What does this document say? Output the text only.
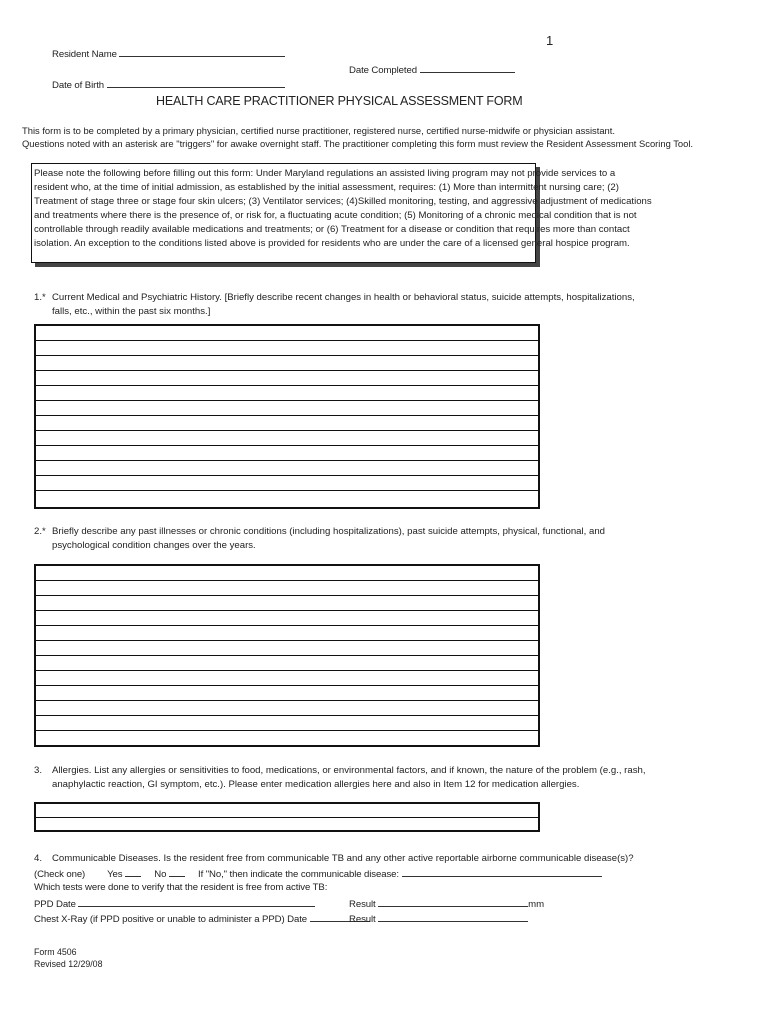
1
Resident Name
Date Completed
Date of Birth
HEALTH CARE PRACTITIONER PHYSICAL ASSESSMENT FORM
This form is to be completed by a primary physician, certified nurse practitioner, registered nurse, certified nurse-midwife or physician assistant.
Questions noted with an asterisk are "triggers" for awake overnight staff. The practitioner completing this form must review the Resident Assessment Scoring Tool.
Please note the following before filling out this form: Under Maryland regulations an assisted living program may not provide services to a
resident who, at the time of initial admission, as established by the initial assessment, requires: (1) More than intermittent nursing care; (2)
Treatment of stage three or stage four skin ulcers; (3) Ventilator services; (4)Skilled monitoring, testing, and aggressive adjustment of medications
and treatments where there is the presence of, or risk for, a fluctuating acute condition; (5) Monitoring of a chronic medical condition that is not
controllable through readily available medications and treatments; or (6) Treatment for a disease or condition that requires more than contact
isolation. An exception to the conditions listed above is provided for residents who are under the care of a licensed general hospice program.
1.* Current Medical and Psychiatric History. [Briefly describe recent changes in health or behavioral status, suicide attempts, hospitalizations,
falls, etc., within the past six months.]
2.* Briefly describe any past illnesses or chronic conditions (including hospitalizations), past suicide attempts, physical, functional, and
psychological condition changes over the years.
3. Allergies. List any allergies or sensitivities to food, medications, or environmental factors, and if known, the nature of the problem (e.g., rash,
anaphylactic reaction, GI symptom, etc.). Please enter medication allergies here and also in Item 12 for medication allergies.
4. Communicable Diseases. Is the resident free from communicable TB and any other active reportable airborne communicable disease(s)?
(Check one) Yes	No	If "No," then indicate the communicable disease:
Which tests were done to verify that the resident is free from active TB:
PPD Date	Result	mm
Chest X-Ray (if PPD positive or unable to administer a PPD) Date	Result
Form 4506
Revised 12/29/08
